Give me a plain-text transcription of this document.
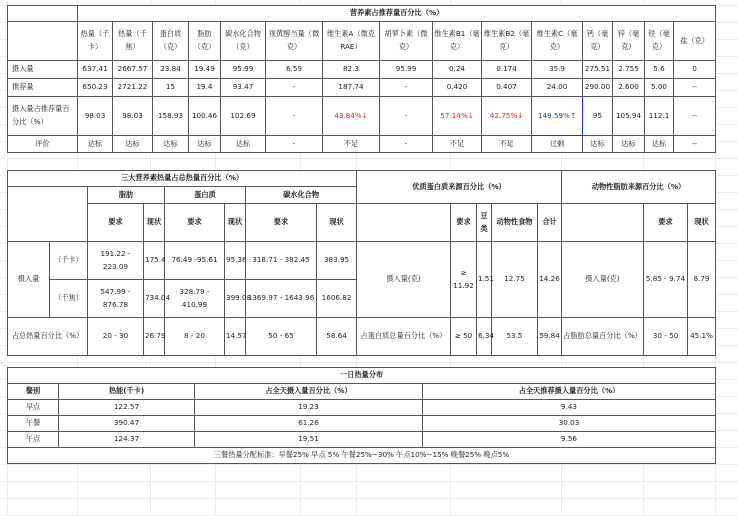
	营养素占推荐量百分比（%）														
	热量（千卡）	热量（千焦）	蛋白质（克）	脂肪（克）	碳水化合物（克）	视黄醇当量（微克）	维生素A（微克RAE）	胡萝卜素（微克）	维生素B1（毫克）	维生素B2（毫克）	维生素C（毫克）	钙（毫克）	锌（毫克）	铁（毫克）	盐（克）
摄入量	637.41	2667.57	23.84	19.49	95.99	6.59	82.3	95.99	0.24	0.174	35.9	275.51	2.755	5.6	0
推荐量	650.23	2721.22	15	19.4	93.47	-	187.74	-	0.420	0.407	24.00	290.00	2.600	5.00	--
摄入量占推荐量百分比（%）	98.03	98.03	158.93	100.46	102.69	-	43.84%↓	-	57.14%↓	42.75%↓	149.59%↑	95	105.94	112.1	--
评价	达标	达标	达标	达标	达标	-	不足	-	不足	不足	过剩	达标	达标	达标	--
三大营养素热量占总热量百分比（%）							
		脂肪		蛋白质		碳水化合物	
		要求	现状	要求	现状	要求	现状
摄入量	（千卡）	191.22 - 223.09	175.4	76.49 -95.61	95.36	318.71 - 382.45	383.95
	（千焦）	547.99 - 876.78	734.04	328.79 - 410.99	399.08	1369.97 - 1643.96	1606.82
占总热量百分比（%）		20 - 30	26.79	8 - 20	14.57	50 - 65	58.64
优质蛋白质来源百分比（%）				
	要求	豆类	动物性食物	合计
摄入量(克)	≥ 11.92	1.51	12.75	14.26
占蛋白质总量百分比（%）	≥ 50	6.34	53.5	59.84
动物性脂肪来源百分比（%）		
	要求	现状
摄入量(克)	5.85 - 9.74	8.79
占脂肪总量百分比（%）	30 - 50	45.1%
一日热量分布			
餐别	热能(千卡)	占全天摄入量百分比（%）	占全天推荐摄入量百分比（%）
早点	122.57	19.23	9.43
午餐	390.47	61.26	30.03
午点	124.37	19.51	9.56
三餐热量分配标准：早餐25% 早点 5% 午餐25%~30% 午点10%~15% 晚餐25% 晚点5%			
